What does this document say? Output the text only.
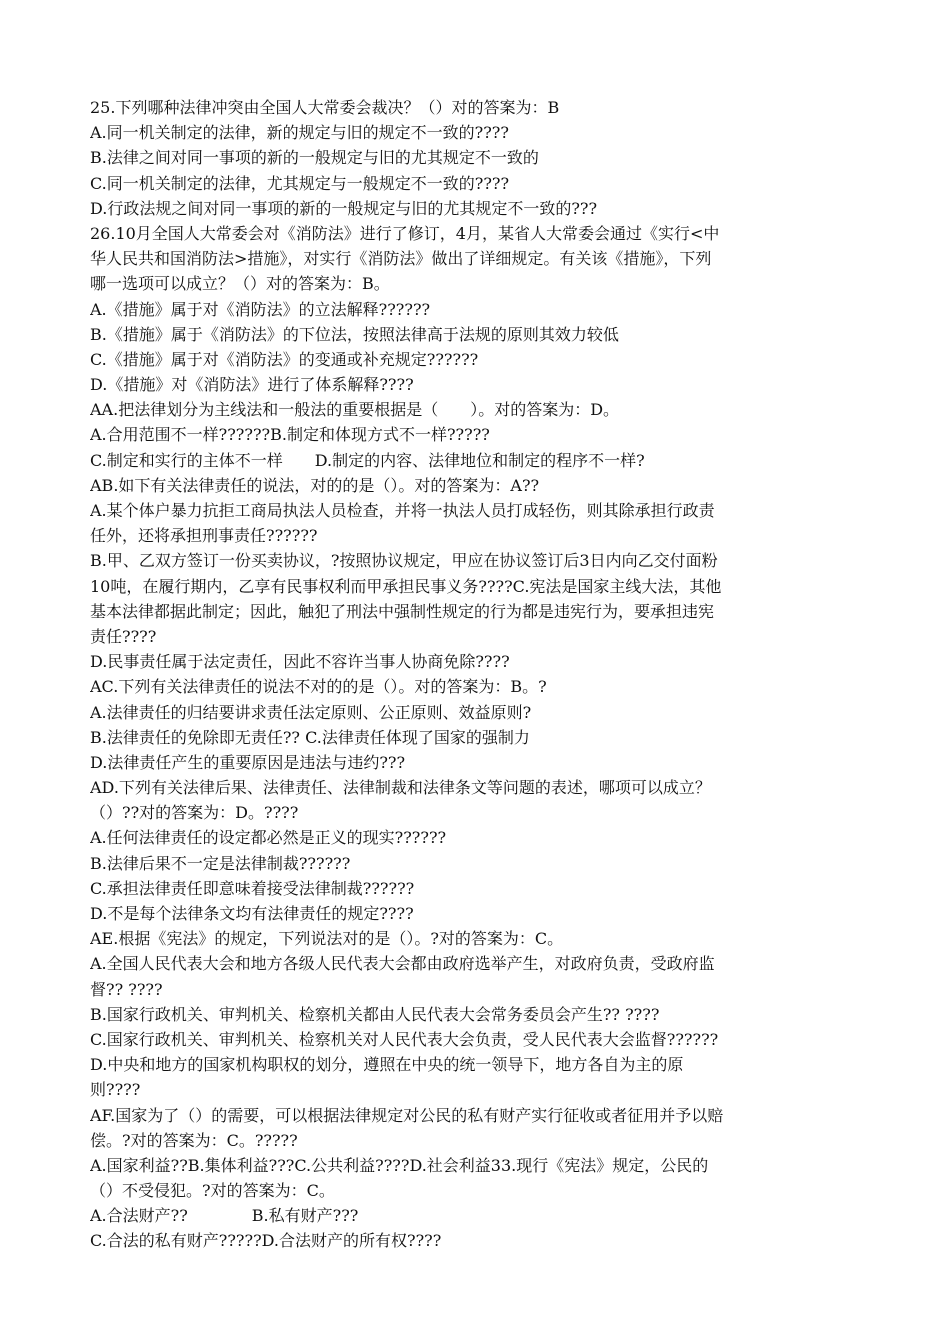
25.下列哪种法律冲突由全国人大常委会裁决？（）对的答案为：B
A.同一机关制定的法律，新的规定与旧的规定不一致的????
B.法律之间对同一事项的新的一般规定与旧的尤其规定不一致的
C.同一机关制定的法律，尤其规定与一般规定不一致的????
D.行政法规之间对同一事项的新的一般规定与旧的尤其规定不一致的???
26.10月全国人大常委会对《消防法》进行了修订，4月，某省人大常委会通过《实行<中
华人民共和国消防法>措施》，对实行《消防法》做出了详细规定。有关该《措施》，下列
哪一选项可以成立？（）对的答案为：B。
A.《措施》属于对《消防法》的立法解释??????
B.《措施》属于《消防法》的下位法，按照法律高于法规的原则其效力较低
C.《措施》属于对《消防法》的变通或补充规定??????
D.《措施》对《消防法》进行了体系解释????
AA.把法律划分为主线法和一般法的重要根据是（　　）。对的答案为：D。
A.合用范围不一样??????B.制定和体现方式不一样?????
C.制定和实行的主体不一样　　D.制定的内容、法律地位和制定的程序不一样?
AB.如下有关法律责任的说法，对的的是（）。对的答案为：A??
A.某个体户暴力抗拒工商局执法人员检查，并将一执法人员打成轻伤，则其除承担行政责
任外，还将承担刑事责任??????
B.甲、乙双方签订一份买卖协议，?按照协议规定，甲应在协议签订后3日内向乙交付面粉
10吨，在履行期内，乙享有民事权利而甲承担民事义务????C.宪法是国家主线大法，其他
基本法律都据此制定；因此，触犯了刑法中强制性规定的行为都是违宪行为，要承担违宪
责任????
D.民事责任属于法定责任，因此不容许当事人协商免除????
AC.下列有关法律责任的说法不对的的是（）。对的答案为：B。?
A.法律责任的归结要讲求责任法定原则、公正原则、效益原则?
B.法律责任的免除即无责任?? C.法律责任体现了国家的强制力
D.法律责任产生的重要原因是违法与违约???
AD.下列有关法律后果、法律责任、法律制裁和法律条文等问题的表述，哪项可以成立？
（）??对的答案为：D。????
A.任何法律责任的设定都必然是正义的现实??????
B.法律后果不一定是法律制裁??????
C.承担法律责任即意味着接受法律制裁??????
D.不是每个法律条文均有法律责任的规定????
AE.根据《宪法》的规定，下列说法对的是（）。?对的答案为：C。
A.全国人民代表大会和地方各级人民代表大会都由政府选举产生，对政府负责，受政府监
督?? ????
B.国家行政机关、审判机关、检察机关都由人民代表大会常务委员会产生?? ????
C.国家行政机关、审判机关、检察机关对人民代表大会负责，受人民代表大会监督??????
D.中央和地方的国家机构职权的划分，遵照在中央的统一领导下，地方各自为主的原
则????
AF.国家为了（）的需要，可以根据法律规定对公民的私有财产实行征收或者征用并予以赔
偿。?对的答案为：C。?????
A.国家利益??B.集体利益???C.公共利益????D.社会利益33.现行《宪法》规定，公民的
（）不受侵犯。?对的答案为：C。
A.合法财产??　　　　B.私有财产???
C.合法的私有财产?????D.合法财产的所有权????
